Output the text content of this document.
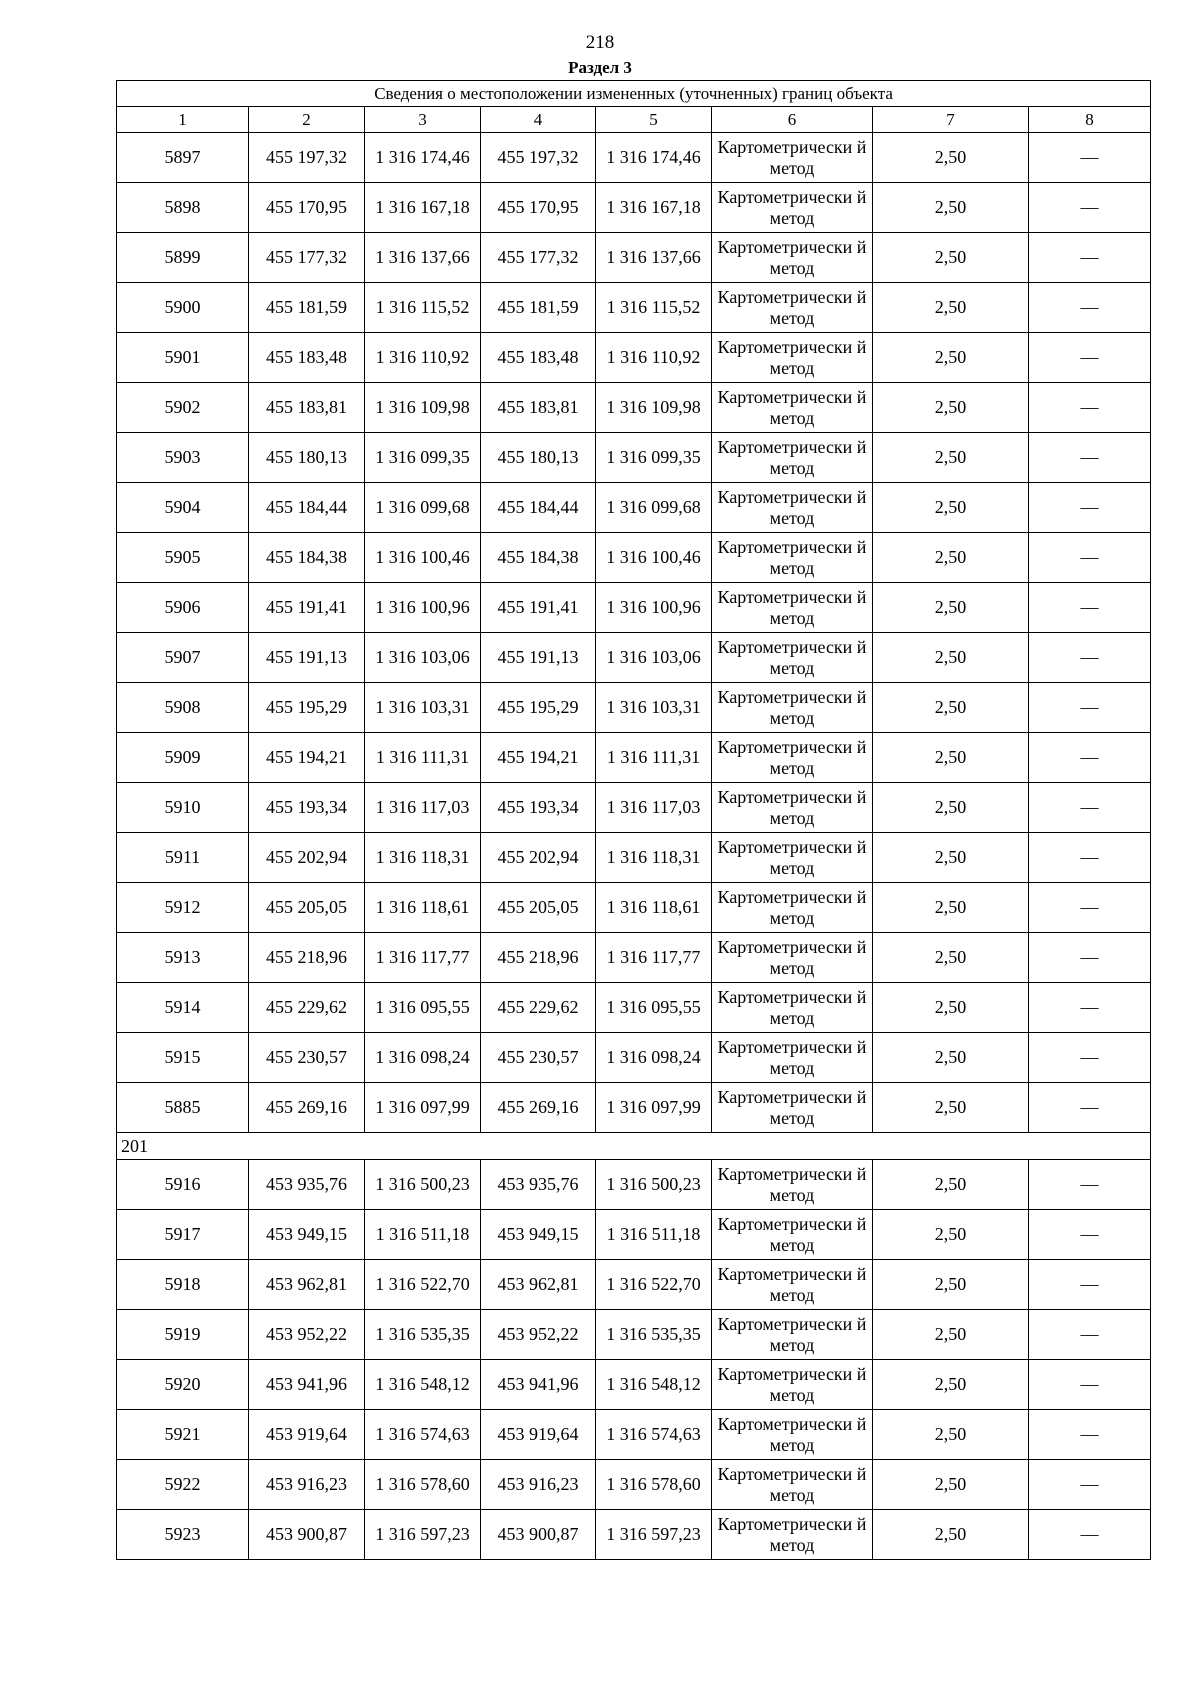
218
Раздел 3
Сведения о местоположении измененных (уточненных) границ объекта							
1	2	3	4	5	6	7	8
5897	455 197,32	1 316 174,46	455 197,32	1 316 174,46	Картометрически й метод	2,50	—
5898	455 170,95	1 316 167,18	455 170,95	1 316 167,18	Картометрически й метод	2,50	—
5899	455 177,32	1 316 137,66	455 177,32	1 316 137,66	Картометрически й метод	2,50	—
5900	455 181,59	1 316 115,52	455 181,59	1 316 115,52	Картометрически й метод	2,50	—
5901	455 183,48	1 316 110,92	455 183,48	1 316 110,92	Картометрически й метод	2,50	—
5902	455 183,81	1 316 109,98	455 183,81	1 316 109,98	Картометрически й метод	2,50	—
5903	455 180,13	1 316 099,35	455 180,13	1 316 099,35	Картометрически й метод	2,50	—
5904	455 184,44	1 316 099,68	455 184,44	1 316 099,68	Картометрически й метод	2,50	—
5905	455 184,38	1 316 100,46	455 184,38	1 316 100,46	Картометрически й метод	2,50	—
5906	455 191,41	1 316 100,96	455 191,41	1 316 100,96	Картометрически й метод	2,50	—
5907	455 191,13	1 316 103,06	455 191,13	1 316 103,06	Картометрически й метод	2,50	—
5908	455 195,29	1 316 103,31	455 195,29	1 316 103,31	Картометрически й метод	2,50	—
5909	455 194,21	1 316 111,31	455 194,21	1 316 111,31	Картометрически й метод	2,50	—
5910	455 193,34	1 316 117,03	455 193,34	1 316 117,03	Картометрически й метод	2,50	—
5911	455 202,94	1 316 118,31	455 202,94	1 316 118,31	Картометрически й метод	2,50	—
5912	455 205,05	1 316 118,61	455 205,05	1 316 118,61	Картометрически й метод	2,50	—
5913	455 218,96	1 316 117,77	455 218,96	1 316 117,77	Картометрически й метод	2,50	—
5914	455 229,62	1 316 095,55	455 229,62	1 316 095,55	Картометрически й метод	2,50	—
5915	455 230,57	1 316 098,24	455 230,57	1 316 098,24	Картометрически й метод	2,50	—
5885	455 269,16	1 316 097,99	455 269,16	1 316 097,99	Картометрически й метод	2,50	—
201							
5916	453 935,76	1 316 500,23	453 935,76	1 316 500,23	Картометрически й метод	2,50	—
5917	453 949,15	1 316 511,18	453 949,15	1 316 511,18	Картометрически й метод	2,50	—
5918	453 962,81	1 316 522,70	453 962,81	1 316 522,70	Картометрически й метод	2,50	—
5919	453 952,22	1 316 535,35	453 952,22	1 316 535,35	Картометрически й метод	2,50	—
5920	453 941,96	1 316 548,12	453 941,96	1 316 548,12	Картометрически й метод	2,50	—
5921	453 919,64	1 316 574,63	453 919,64	1 316 574,63	Картометрически й метод	2,50	—
5922	453 916,23	1 316 578,60	453 916,23	1 316 578,60	Картометрически й метод	2,50	—
5923	453 900,87	1 316 597,23	453 900,87	1 316 597,23	Картометрически й метод	2,50	—
